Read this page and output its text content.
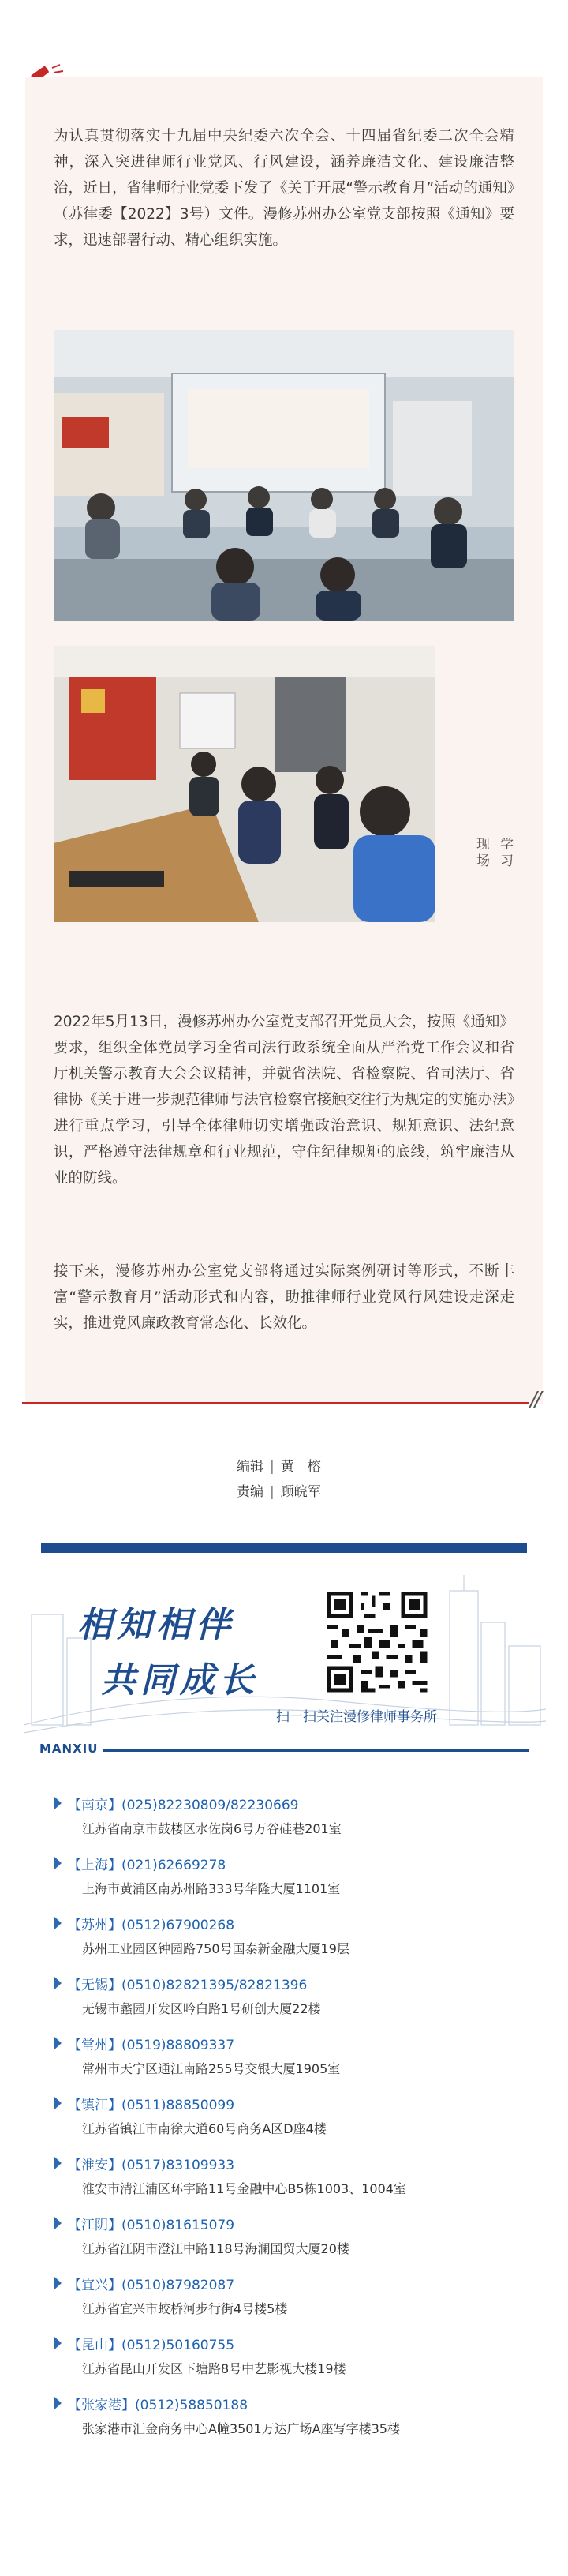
为认真贯彻落实十九届中央纪委六次全会、十四届省纪委二次全会精神，深入突进律师行业党风、行风建设，涵养廉洁文化、建设廉洁整治，近日，省律师行业党委下发了《关于开展“警示教育月”活动的通知》（苏律委【2022】3号）文件。漫修苏州办公室党支部按照《通知》要求，迅速部署行动、精心组织实施。

学习
现场

2022年5月13日，漫修苏州办公室党支部召开党员大会，按照《通知》要求，组织全体党员学习全省司法行政系统全面从严治党工作会议和省厅机关警示教育大会会议精神，并就省法院、省检察院、省司法厅、省律协《关于进一步规范律师与法官检察官接触交往行为规定的实施办法》进行重点学习，引导全体律师切实增强政治意识、规矩意识、法纪意识，严格遵守法律规章和行业规范，守住纪律规矩的底线，筑牢廉洁从业的防线。

接下来，漫修苏州办公室党支部将通过实际案例研讨等形式，不断丰富“警示教育月”活动形式和内容，助推律师行业党风行风建设走深走实，推进党风廉政教育常态化、长效化。

//
编辑 | 黄　榕
责编 | 顾皖军
相知相伴
共同成长
扫一扫关注漫修律师事务所
MANXIU
【南京】(025)82230809/82230669
江苏省南京市鼓楼区水佐岗6号万谷硅巷201室
【上海】(021)62669278
上海市黄浦区南苏州路333号华隆大厦1101室
【苏州】(0512)67900268
苏州工业园区钟园路750号国泰新金融大厦19层
【无锡】(0510)82821395/82821396
无锡市蠡园开发区吟白路1号研创大厦22楼
【常州】(0519)88809337
常州市天宁区通江南路255号交银大厦1905室
【镇江】(0511)88850099
江苏省镇江市南徐大道60号商务A区D座4楼
【淮安】(0517)83109933
淮安市清江浦区环宇路11号金融中心B5栋1003、1004室
【江阴】(0510)81615079
江苏省江阴市澄江中路118号海澜国贸大厦20楼
【宜兴】(0510)87982087
江苏省宜兴市蛟桥河步行街4号楼5楼
【昆山】(0512)50160755
江苏省昆山开发区下塘路8号中艺影视大楼19楼
【张家港】(0512)58850188
张家港市汇金商务中心A幢3501万达广场A座写字楼35楼
